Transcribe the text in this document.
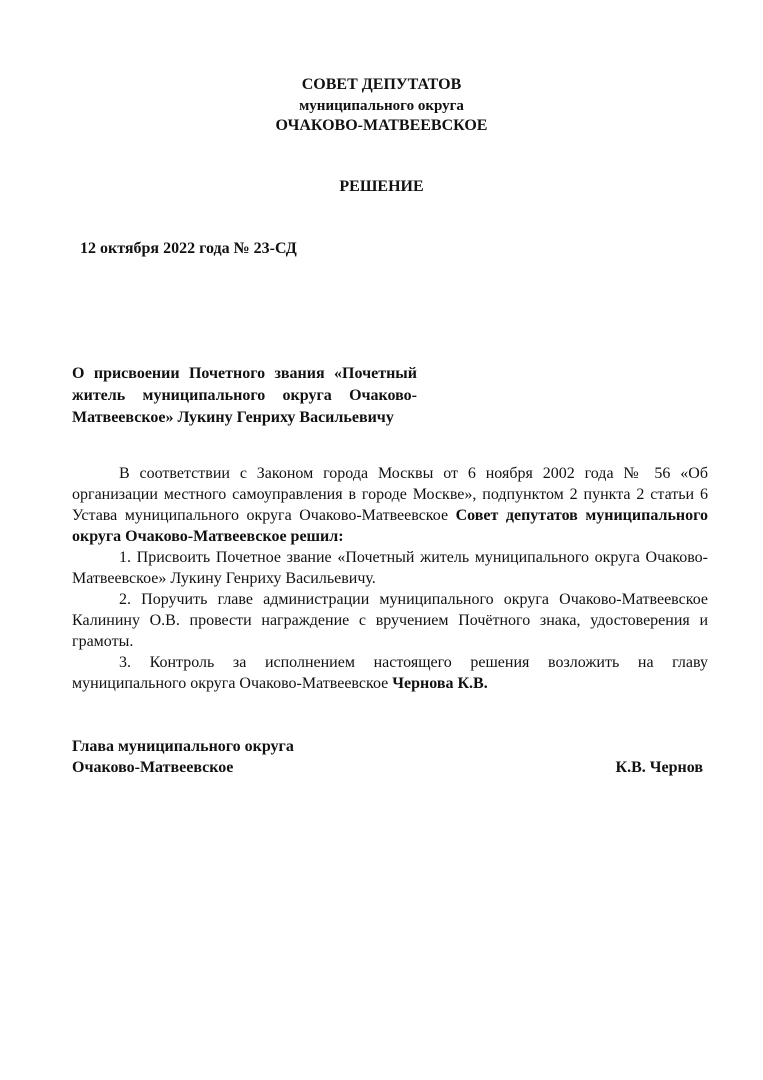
СОВЕТ ДЕПУТАТОВ
муниципального округа
ОЧАКОВО-МАТВЕЕВСКОЕ
РЕШЕНИЕ
12 октября 2022 года № 23-СД
О присвоении Почетного звания «Почетный житель муниципального округа Очаково-Матвеевское» Лукину Генриху Васильевичу

В соответствии с Законом города Москвы от 6 ноября 2002 года № 56 «Об организации местного самоуправления в городе Москве», подпунктом 2 пункта 2 статьи 6 Устава муниципального округа Очаково-Матвеевское Совет депутатов муниципального округа Очаково-Матвеевское решил:

1. Присвоить Почетное звание «Почетный житель муниципального округа Очаково-Матвеевское» Лукину Генриху Васильевичу.

2. Поручить главе администрации муниципального округа Очаково-Матвеевское Калинину О.В. провести награждение с вручением Почётного знака, удостоверения и грамоты.

3. Контроль за исполнением настоящего решения возложить на главу муниципального округа Очаково-Матвеевское Чернова К.В.

Глава муниципального округа
Очаково-Матвеевское	К.В. Чернов
